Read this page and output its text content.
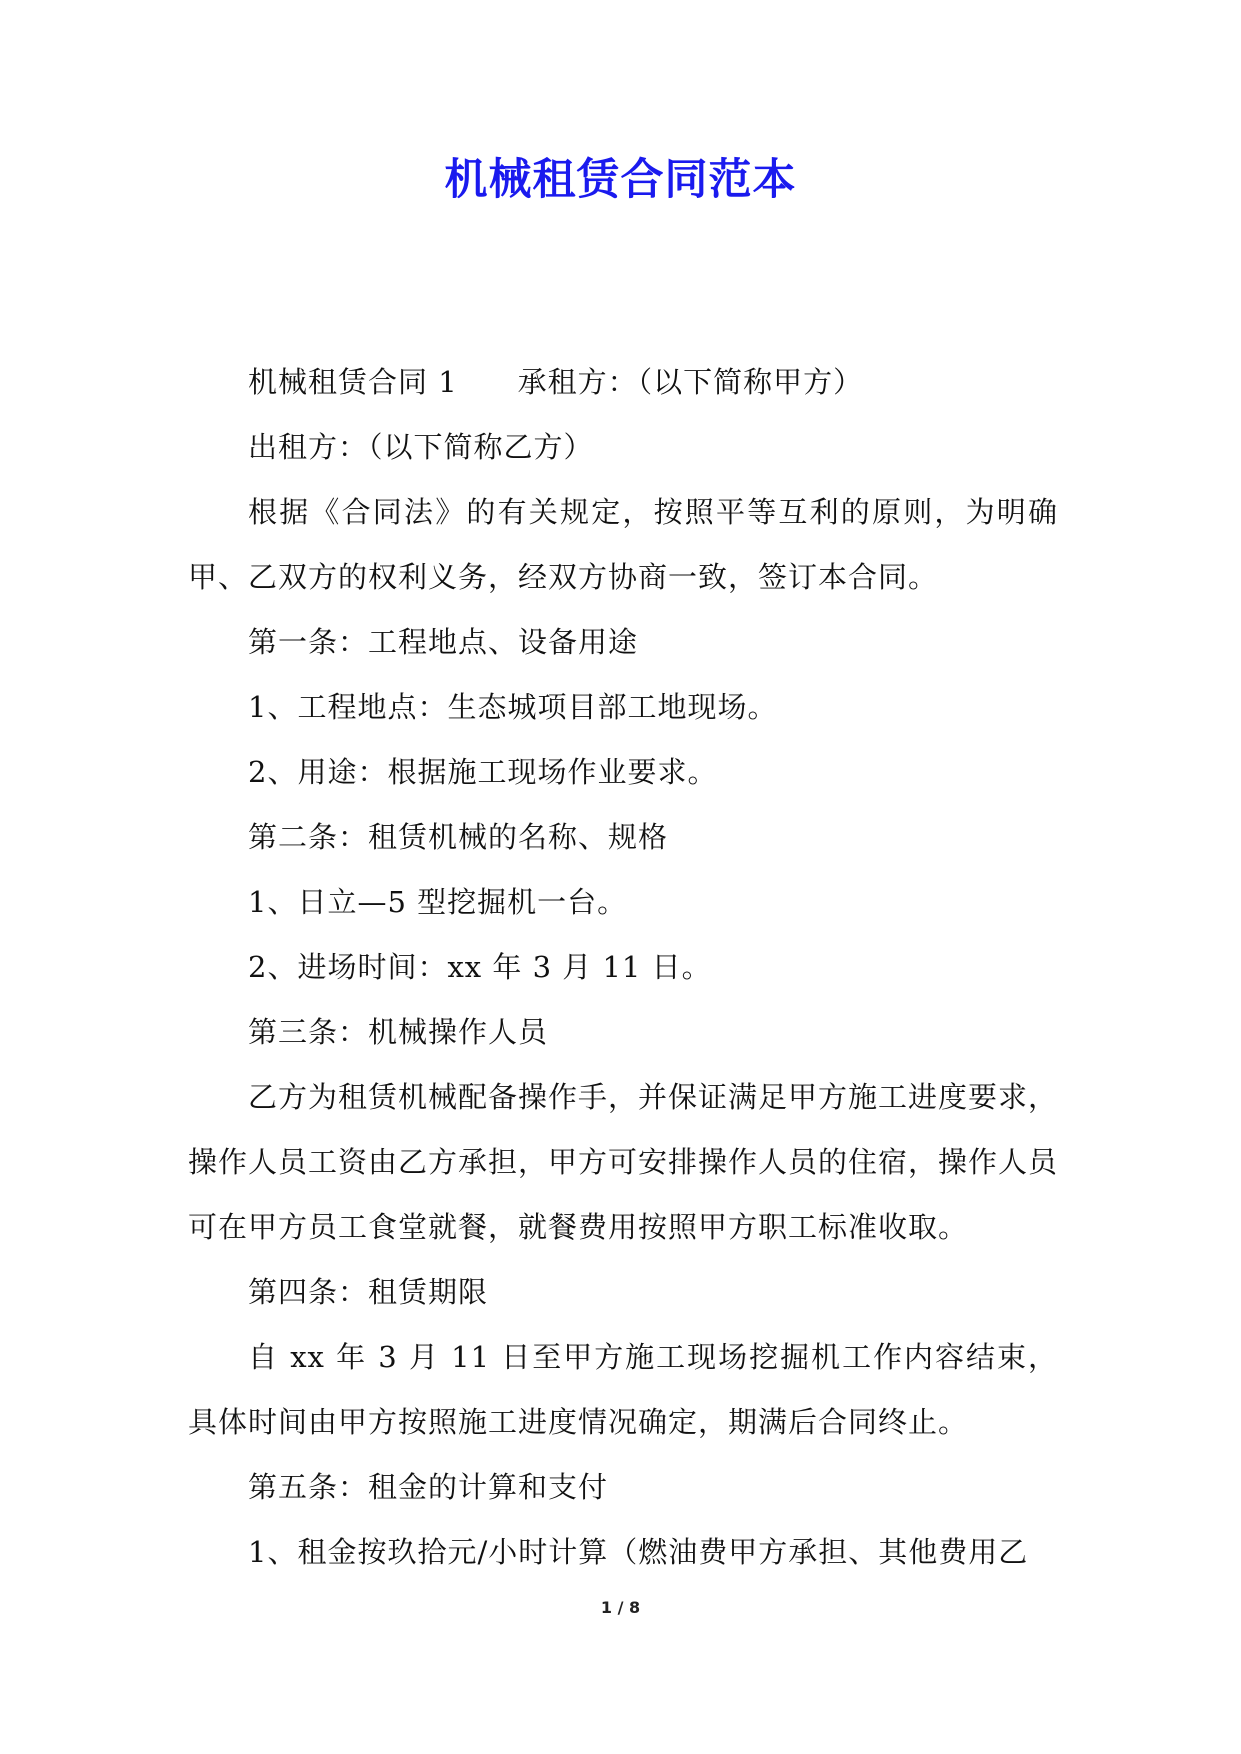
机械租赁合同范本

机械租赁合同 1 承租方：（以下简称甲方）

出租方：（以下简称乙方）

根据《合同法》的有关规定，按照平等互利的原则，为明确甲、乙双方的权利义务，经双方协商一致，签订本合同。

第一条：工程地点、设备用途

1、工程地点：生态城项目部工地现场。

2、用途：根据施工现场作业要求。

第二条：租赁机械的名称、规格

1、日立—5 型挖掘机一台。

2、进场时间：xx 年 3 月 11 日。

第三条：机械操作人员

乙方为租赁机械配备操作手，并保证满足甲方施工进度要求，操作人员工资由乙方承担，甲方可安排操作人员的住宿，操作人员可在甲方员工食堂就餐，就餐费用按照甲方职工标准收取。

第四条：租赁期限

自 xx 年 3 月 11 日至甲方施工现场挖掘机工作内容结束，具体时间由甲方按照施工进度情况确定，期满后合同终止。

第五条：租金的计算和支付

1、租金按玖拾元/小时计算（燃油费甲方承担、其他费用乙

1 / 8
